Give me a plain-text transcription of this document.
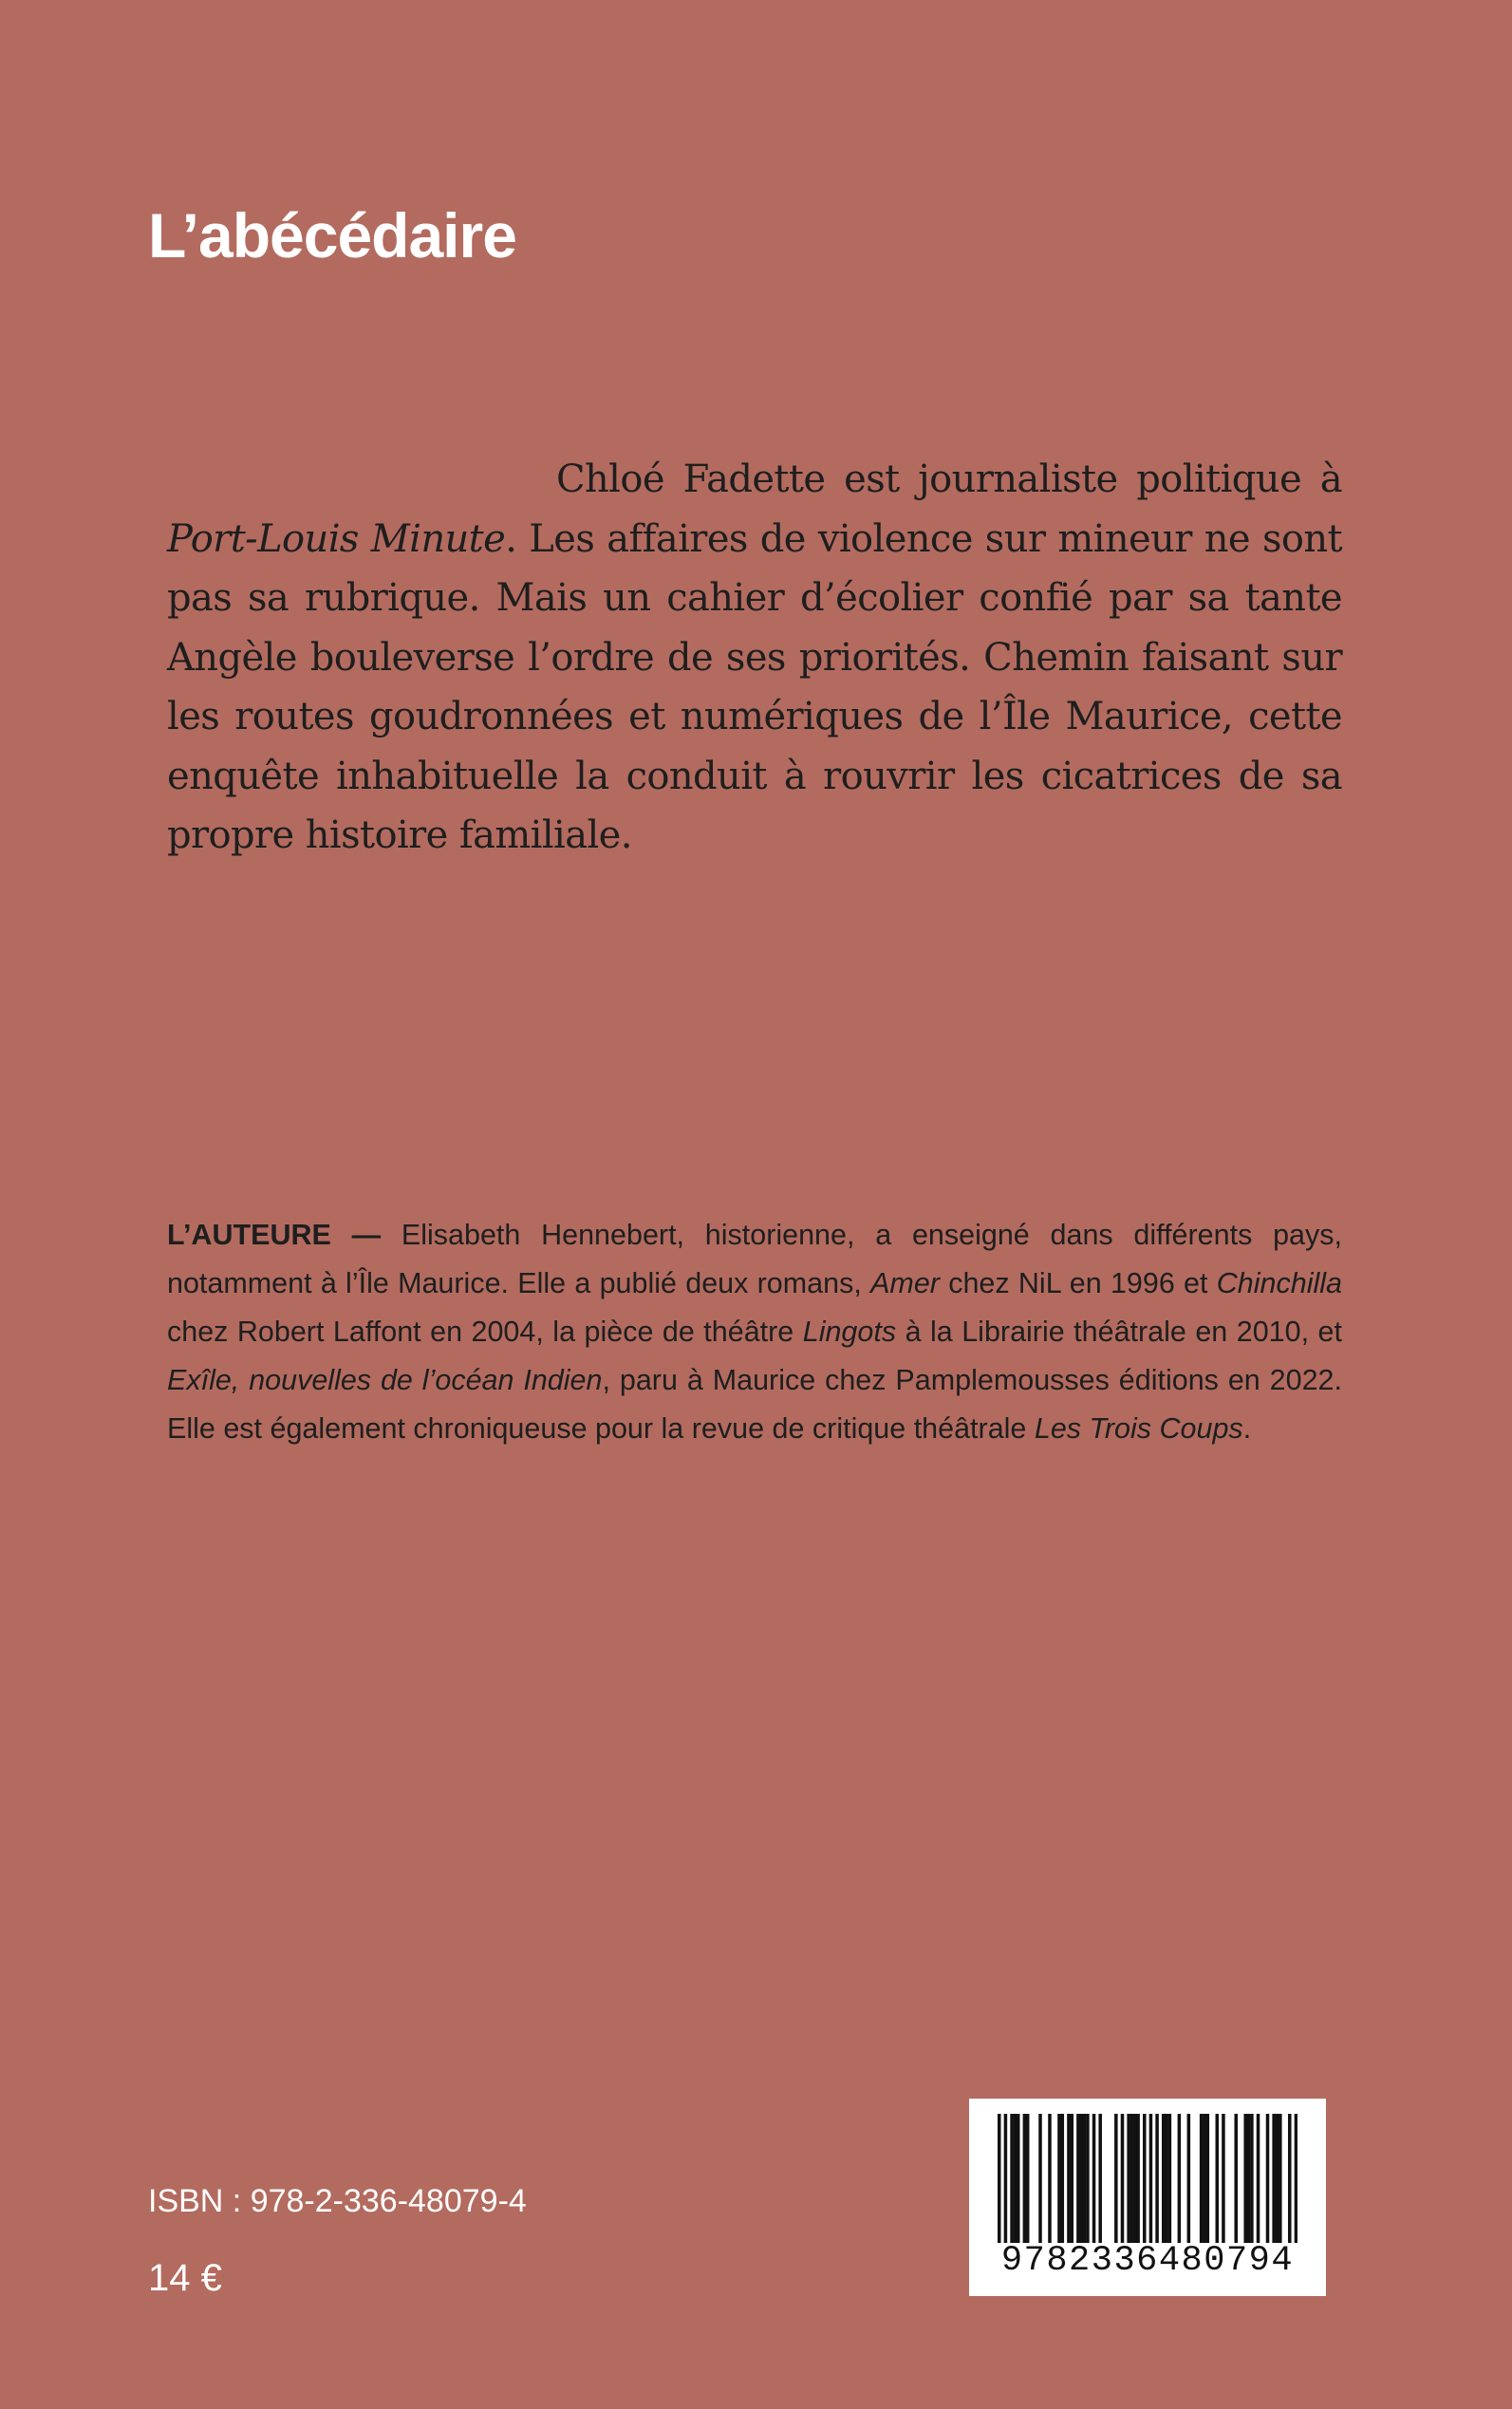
L’abécédaire

Chloé Fadette est journaliste politique à Port-Louis Minute. Les affaires de violence sur mineur ne sont pas sa rubrique. Mais un cahier d’écolier confié par sa tante Angèle bouleverse l’ordre de ses priorités. Chemin faisant sur les routes goudronnées et numériques de l’Île Maurice, cette enquête inhabituelle la conduit à rouvrir les cicatrices de sa propre histoire familiale.

L’AUTEURE — Elisabeth Hennebert, historienne, a enseigné dans différents pays, notamment à l’Île Maurice. Elle a publié deux romans, Amer chez NiL en 1996 et Chinchilla chez Robert Laffont en 2004, la pièce de théâtre Lingots à la Librairie théâtrale en 2010, et Exîle, nouvelles de l’océan Indien, paru à Maurice chez Pamplemousses éditions en 2022. Elle est également chroniqueuse pour la revue de critique théâtrale Les Trois Coups.

ISBN : 978-2-336-48079-4

14 €	9782336480794
